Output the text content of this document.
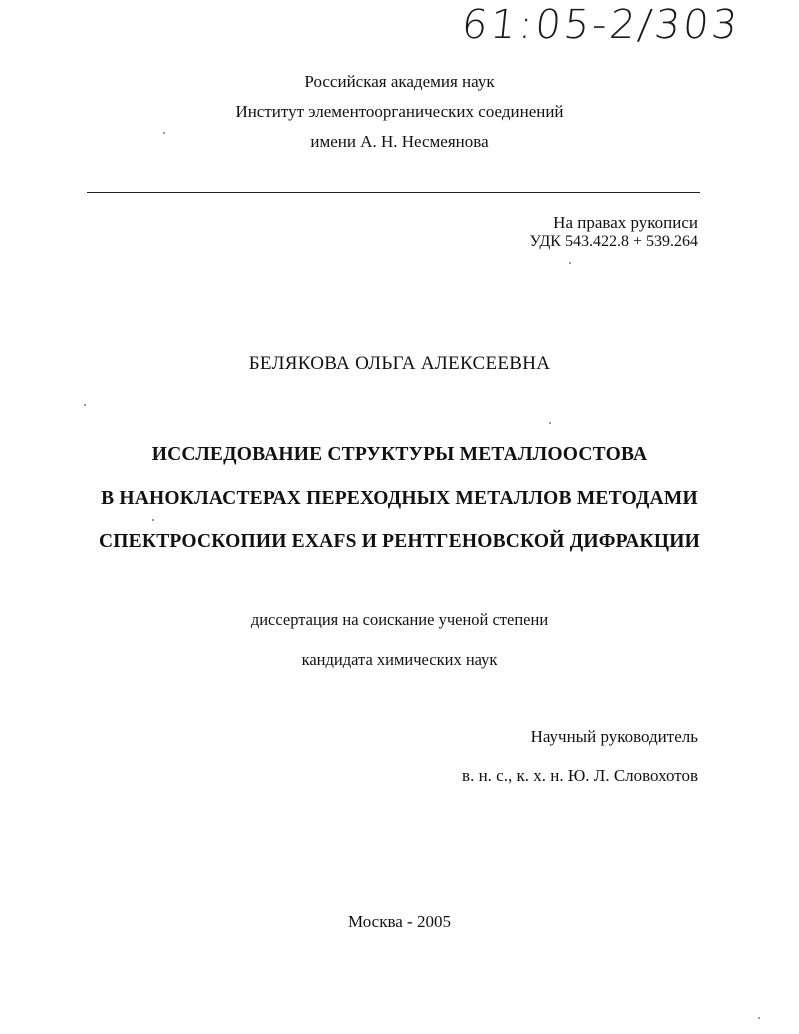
61:05-2/303
Российская академия наук
Институт элементоорганических соединений
имени А. Н. Несмеянова
На правах рукописи
УДК 543.422.8 + 539.264
БЕЛЯКОВА ОЛЬГА АЛЕКСЕЕВНА
ИССЛЕДОВАНИЕ СТРУКТУРЫ МЕТАЛЛООСТОВА
В НАНОКЛАСТЕРАХ ПЕРЕХОДНЫХ МЕТАЛЛОВ МЕТОДАМИ
СПЕКТРОСКОПИИ EXAFS И РЕНТГЕНОВСКОЙ ДИФРАКЦИИ
диссертация на соискание ученой степени
кандидата химических наук
Научный руководитель
в. н. с., к. х. н. Ю. Л. Словохотов
Москва - 2005
